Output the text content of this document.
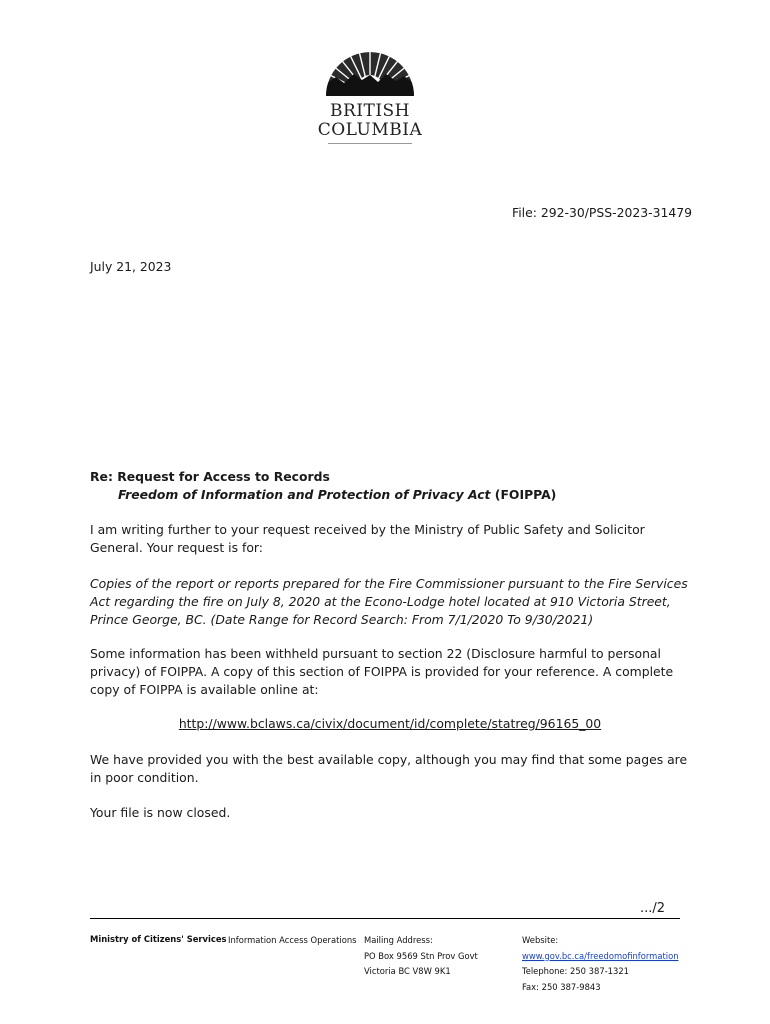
BRITISH
COLUMBIA

File: 292-30/PSS-2023-31479

July 21, 2023

Re: Request for Access to Records

Freedom of Information and Protection of Privacy Act (FOIPPA)

I am writing further to your request received by the Ministry of Public Safety and Solicitor General. Your request is for:

Copies of the report or reports prepared for the Fire Commissioner pursuant to the Fire Services Act regarding the fire on July 8, 2020 at the Econo-Lodge hotel located at 910 Victoria Street, Prince George, BC. (Date Range for Record Search: From 7/1/2020 To 9/30/2021)

Some information has been withheld pursuant to section 22 (Disclosure harmful to personal privacy) of FOIPPA. A copy of this section of FOIPPA is provided for your reference. A complete copy of FOIPPA is available online at:

http://www.bclaws.ca/civix/document/id/complete/statreg/96165_00

We have provided you with the best available copy, although you may find that some pages are in poor condition.

Your file is now closed.

.../2

Ministry of Citizens' Services Information Access Operations Mailing Address:
PO Box 9569 Stn Prov Govt
Victoria BC V8W 9K1
Website:
www.gov.bc.ca/freedomofinformation
Telephone: 250 387-1321
Fax: 250 387-9843
